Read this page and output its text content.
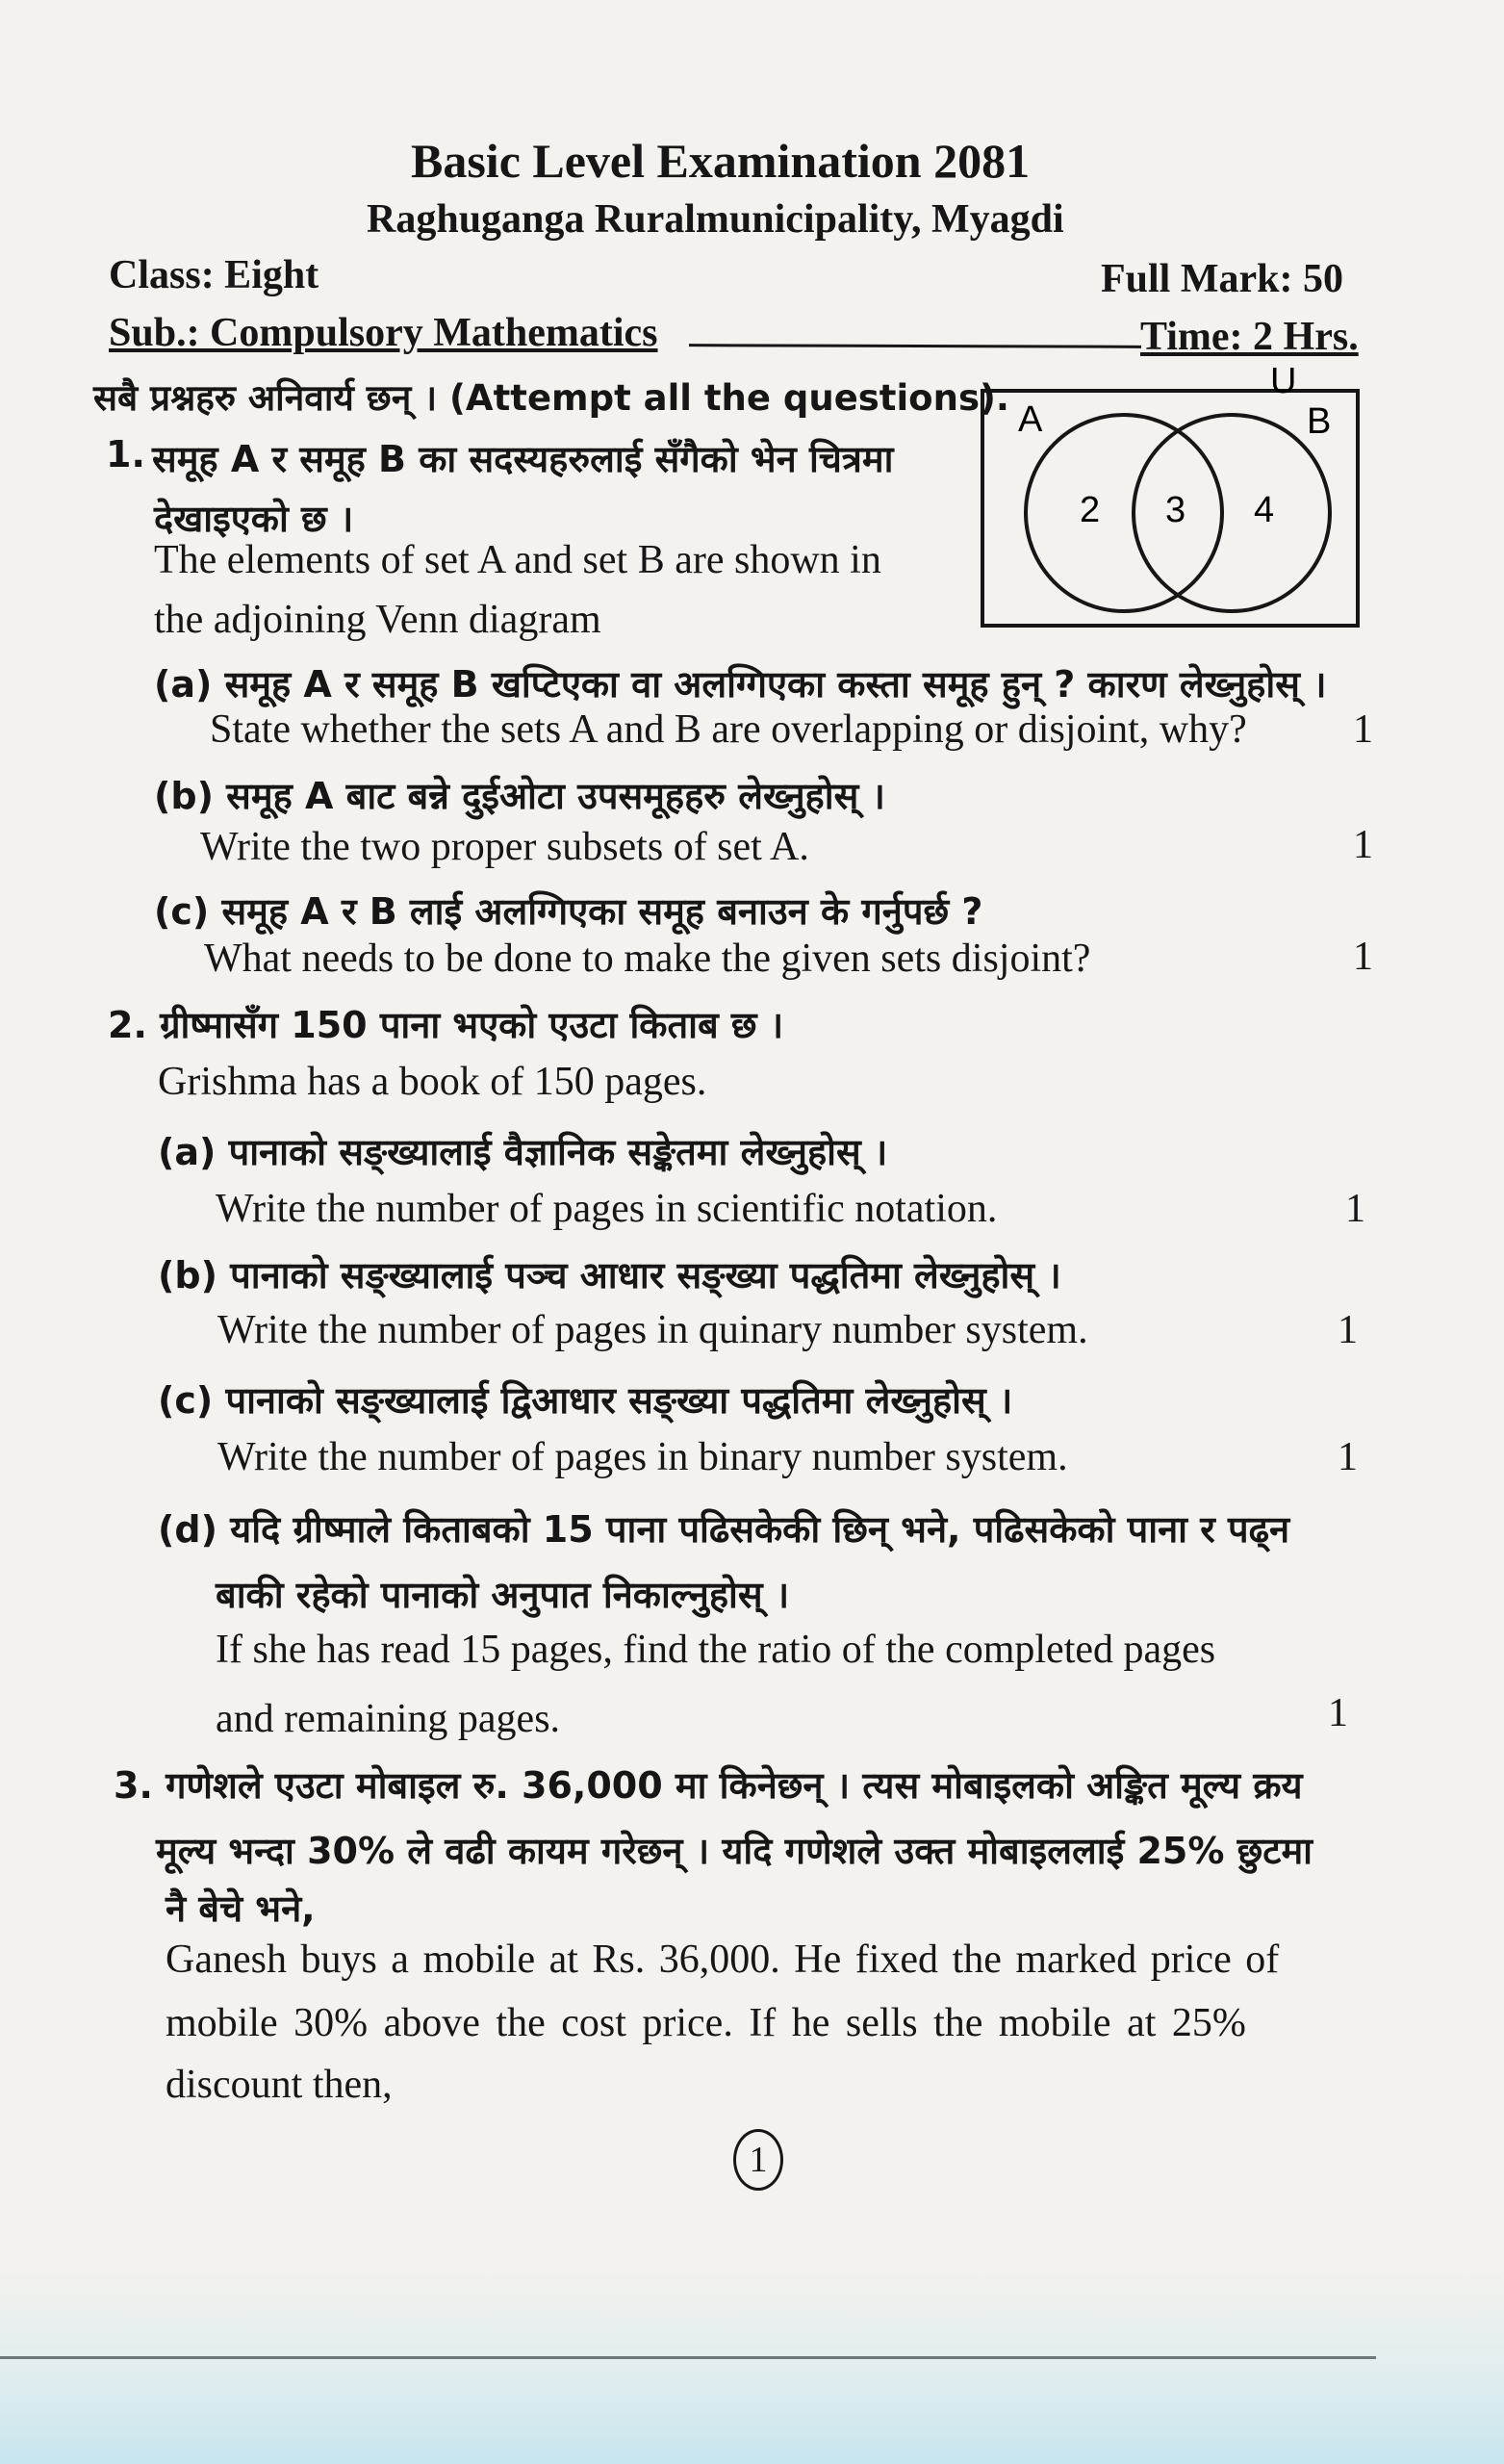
Basic Level Examination 2081
Raghuganga Ruralmunicipality, Myagdi
Class: Eight	Full Mark: 50
Sub.: Compulsory Mathematics	Time: 2 Hrs.
सबै प्रश्नहरु अनिवार्य छन् । (Attempt all the questions).	U
A	B
2 3 4
1. समूह A र समूह B का सदस्यहरुलाई सँगैको भेन चित्रमा
देखाइएको छ ।
The elements of set A and set B are shown in
the adjoining Venn diagram
(a) समूह A र समूह B खप्टिएका वा अलग्गिएका कस्ता समूह हुन् ? कारण लेख्नुहोस् ।
State whether the sets A and B are overlapping or disjoint, why?	1
(b) समूह A बाट बन्ने दुईओटा उपसमूहहरु लेख्नुहोस् ।
Write the two proper subsets of set A.	1
(c) समूह A र B लाई अलग्गिएका समूह बनाउन के गर्नुपर्छ ?
What needs to be done to make the given sets disjoint?	1
2. ग्रीष्मासँग 150 पाना भएको एउटा किताब छ ।
Grishma has a book of 150 pages.
(a) पानाको सङ्ख्यालाई वैज्ञानिक सङ्केतमा लेख्नुहोस् ।
Write the number of pages in scientific notation.	1
(b) पानाको सङ्ख्यालाई पञ्च आधार सङ्ख्या पद्धतिमा लेख्नुहोस् ।
Write the number of pages in quinary number system.	1
(c) पानाको सङ्ख्यालाई द्विआधार सङ्ख्या पद्धतिमा लेख्नुहोस् ।
Write the number of pages in binary number system.	1
(d) यदि ग्रीष्माले किताबको 15 पाना पढिसकेकी छिन् भने, पढिसकेको पाना र पढ्न
बाकी रहेको पानाको अनुपात निकाल्नुहोस् ।
If she has read 15 pages, find the ratio of the completed pages
and remaining pages.	1
3. गणेशले एउटा मोबाइल रु. 36,000 मा किनेछन् । त्यस मोबाइलको अङ्कित मूल्य क्रय
मूल्य भन्दा 30% ले वढी कायम गरेछन् । यदि गणेशले उक्त मोबाइललाई 25% छुटमा
नै बेचे भने,
Ganesh buys a mobile at Rs. 36,000. He fixed the marked price of
mobile 30% above the cost price. If he sells the mobile at 25%
discount then,
1
